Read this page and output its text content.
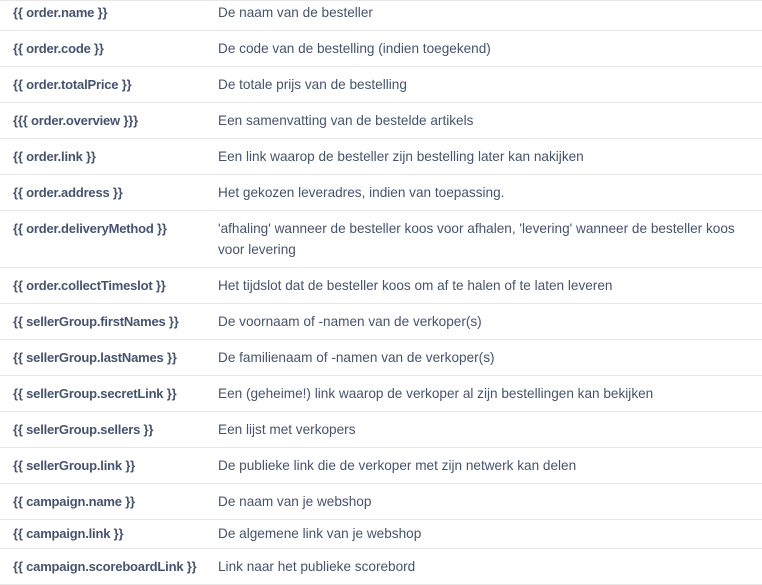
{{ order.name }}	De naam van de besteller
{{ order.code }}	De code van de bestelling (indien toegekend)
{{ order.totalPrice }}	De totale prijs van de bestelling
{{{ order.overview }}}	Een samenvatting van de bestelde artikels
{{ order.link }}	Een link waarop de besteller zijn bestelling later kan nakijken
{{ order.address }}	Het gekozen leveradres, indien van toepassing.
{{ order.deliveryMethod }}	'afhaling' wanneer de besteller koos voor afhalen, 'levering' wanneer de besteller koos voor levering
{{ order.collectTimeslot }}	Het tijdslot dat de besteller koos om af te halen of te laten leveren
{{ sellerGroup.firstNames }}	De voornaam of -namen van de verkoper(s)
{{ sellerGroup.lastNames }}	De familienaam of -namen van de verkoper(s)
{{ sellerGroup.secretLink }}	Een (geheime!) link waarop de verkoper al zijn bestellingen kan bekijken
{{ sellerGroup.sellers }}	Een lijst met verkopers
{{ sellerGroup.link }}	De publieke link die de verkoper met zijn netwerk kan delen
{{ campaign.name }}	De naam van je webshop
{{ campaign.link }}	De algemene link van je webshop
{{ campaign.scoreboardLink }}	Link naar het publieke scorebord
